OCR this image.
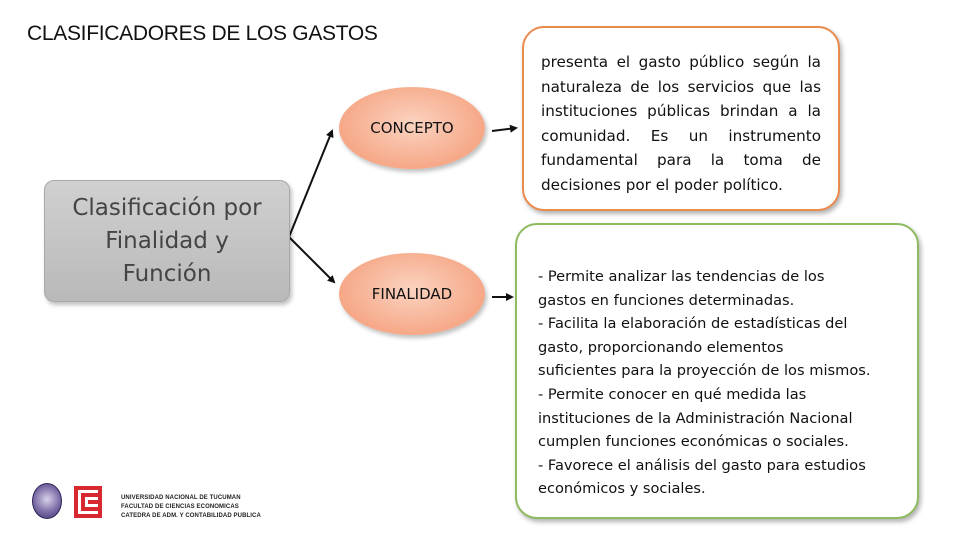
CLASIFICADORES DE LOS GASTOS
Clasificación por
Finalidad y
Función
CONCEPTO
FINALIDAD

presenta el gasto público según la naturaleza de los servicios que las instituciones públicas brindan a la comunidad. Es un instrumento fundamental para la toma de decisiones por el poder político.

- Permite analizar las tendencias de los
gastos en funciones determinadas.
- Facilita la elaboración de estadísticas del
gasto, proporcionando elementos
suficientes para la proyección de los mismos.
- Permite conocer en qué medida las
instituciones de la Administración Nacional
cumplen funciones económicas o sociales.
- Favorece el análisis del gasto para estudios
económicos y sociales.
UNIVERSIDAD NACIONAL DE TUCUMAN
FACULTAD DE CIENCIAS ECONOMICAS
CATEDRA DE ADM. Y CONTABILIDAD PUBLICA
